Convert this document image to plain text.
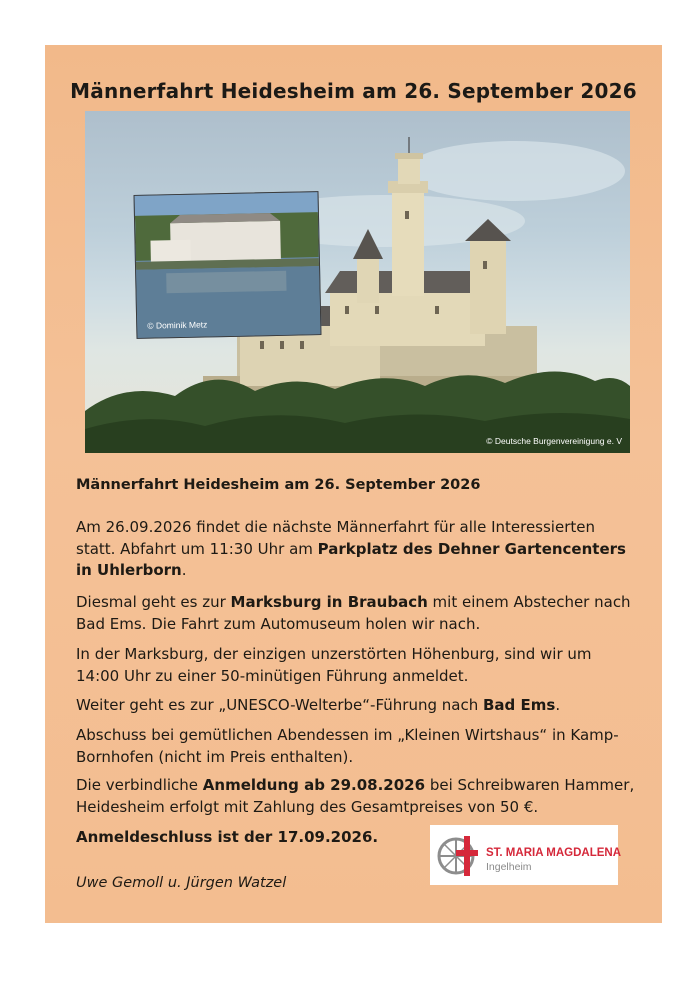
Männerfahrt Heidesheim am 26. September 2026
© Dominik Metz
© Deutsche Burgenvereinigung e. V
Männerfahrt Heidesheim am 26. September 2026
Am 26.09.2026 findet die nächste Männerfahrt für alle Interessierten statt. Abfahrt um 11:30 Uhr am Parkplatz des Dehner Gartencenters in Uhlerborn.
Diesmal geht es zur Marksburg in Braubach mit einem Abstecher nach Bad Ems. Die Fahrt zum Automuseum holen wir nach.
In der Marksburg, der einzigen unzerstörten Höhenburg, sind wir um 14:00 Uhr zu einer 50-minütigen Führung anmeldet.
Weiter geht es zur „UNESCO-Welterbe“-Führung nach Bad Ems.
Abschuss bei gemütlichen Abendessen im „Kleinen Wirtshaus“ in Kamp-Bornhofen (nicht im Preis enthalten).
Die verbindliche Anmeldung ab 29.08.2026 bei Schreibwaren Hammer, Heidesheim erfolgt mit Zahlung des Gesamtpreises von 50 €.
Anmeldeschluss ist der 17.09.2026.
ST. MARIA MAGDALENA
Ingelheim
Uwe Gemoll u. Jürgen Watzel
